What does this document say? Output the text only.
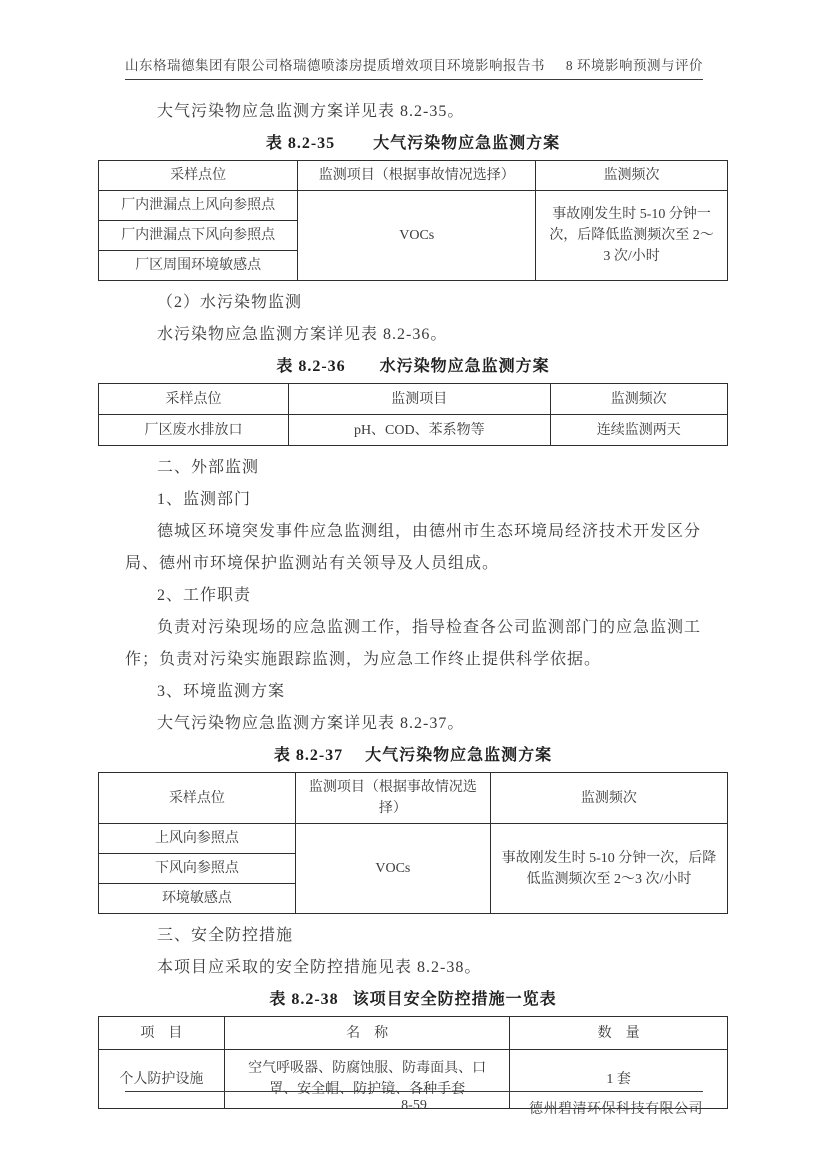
山东格瑞德集团有限公司格瑞德喷漆房提质增效项目环境影响报告书 8 环境影响预测与评价

大气污染物应急监测方案详见表 8.2-35。

表 8.2-35 大气污染物应急监测方案
采样点位	监测项目（根据事故情况选择）	监测频次
厂内泄漏点上风向参照点	VOCs	事故刚发生时 5-10 分钟一次，后降低监测频次至 2～3 次/小时
厂内泄漏点下风向参照点		
厂区周围环境敏感点		

（2）水污染物监测

水污染物应急监测方案详见表 8.2-36。

表 8.2-36 水污染物应急监测方案
采样点位	监测项目	监测频次
厂区废水排放口	pH、COD、苯系物等	连续监测两天

二、外部监测

1、监测部门

德城区环境突发事件应急监测组，由德州市生态环境局经济技术开发区分局、德州市环境保护监测站有关领导及人员组成。

2、工作职责

负责对污染现场的应急监测工作，指导检查各公司监测部门的应急监测工作；负责对污染实施跟踪监测，为应急工作终止提供科学依据。

3、环境监测方案

大气污染物应急监测方案详见表 8.2-37。

表 8.2-37 大气污染物应急监测方案
采样点位	监测项目（根据事故情况选择）	监测频次
上风向参照点	VOCs	事故刚发生时 5-10 分钟一次，后降低监测频次至 2～3 次/小时
下风向参照点		
环境敏感点		

三、安全防控措施

本项目应采取的安全防控措施见表 8.2-38。

表 8.2-38 该项目安全防控措施一览表
项　目	名　称	数　量
个人防护设施	空气呼吸器、防腐蚀服、防毒面具、口罩、安全帽、防护镜、各种手套	1 套
8-59	德州碧清环保科技有限公司
